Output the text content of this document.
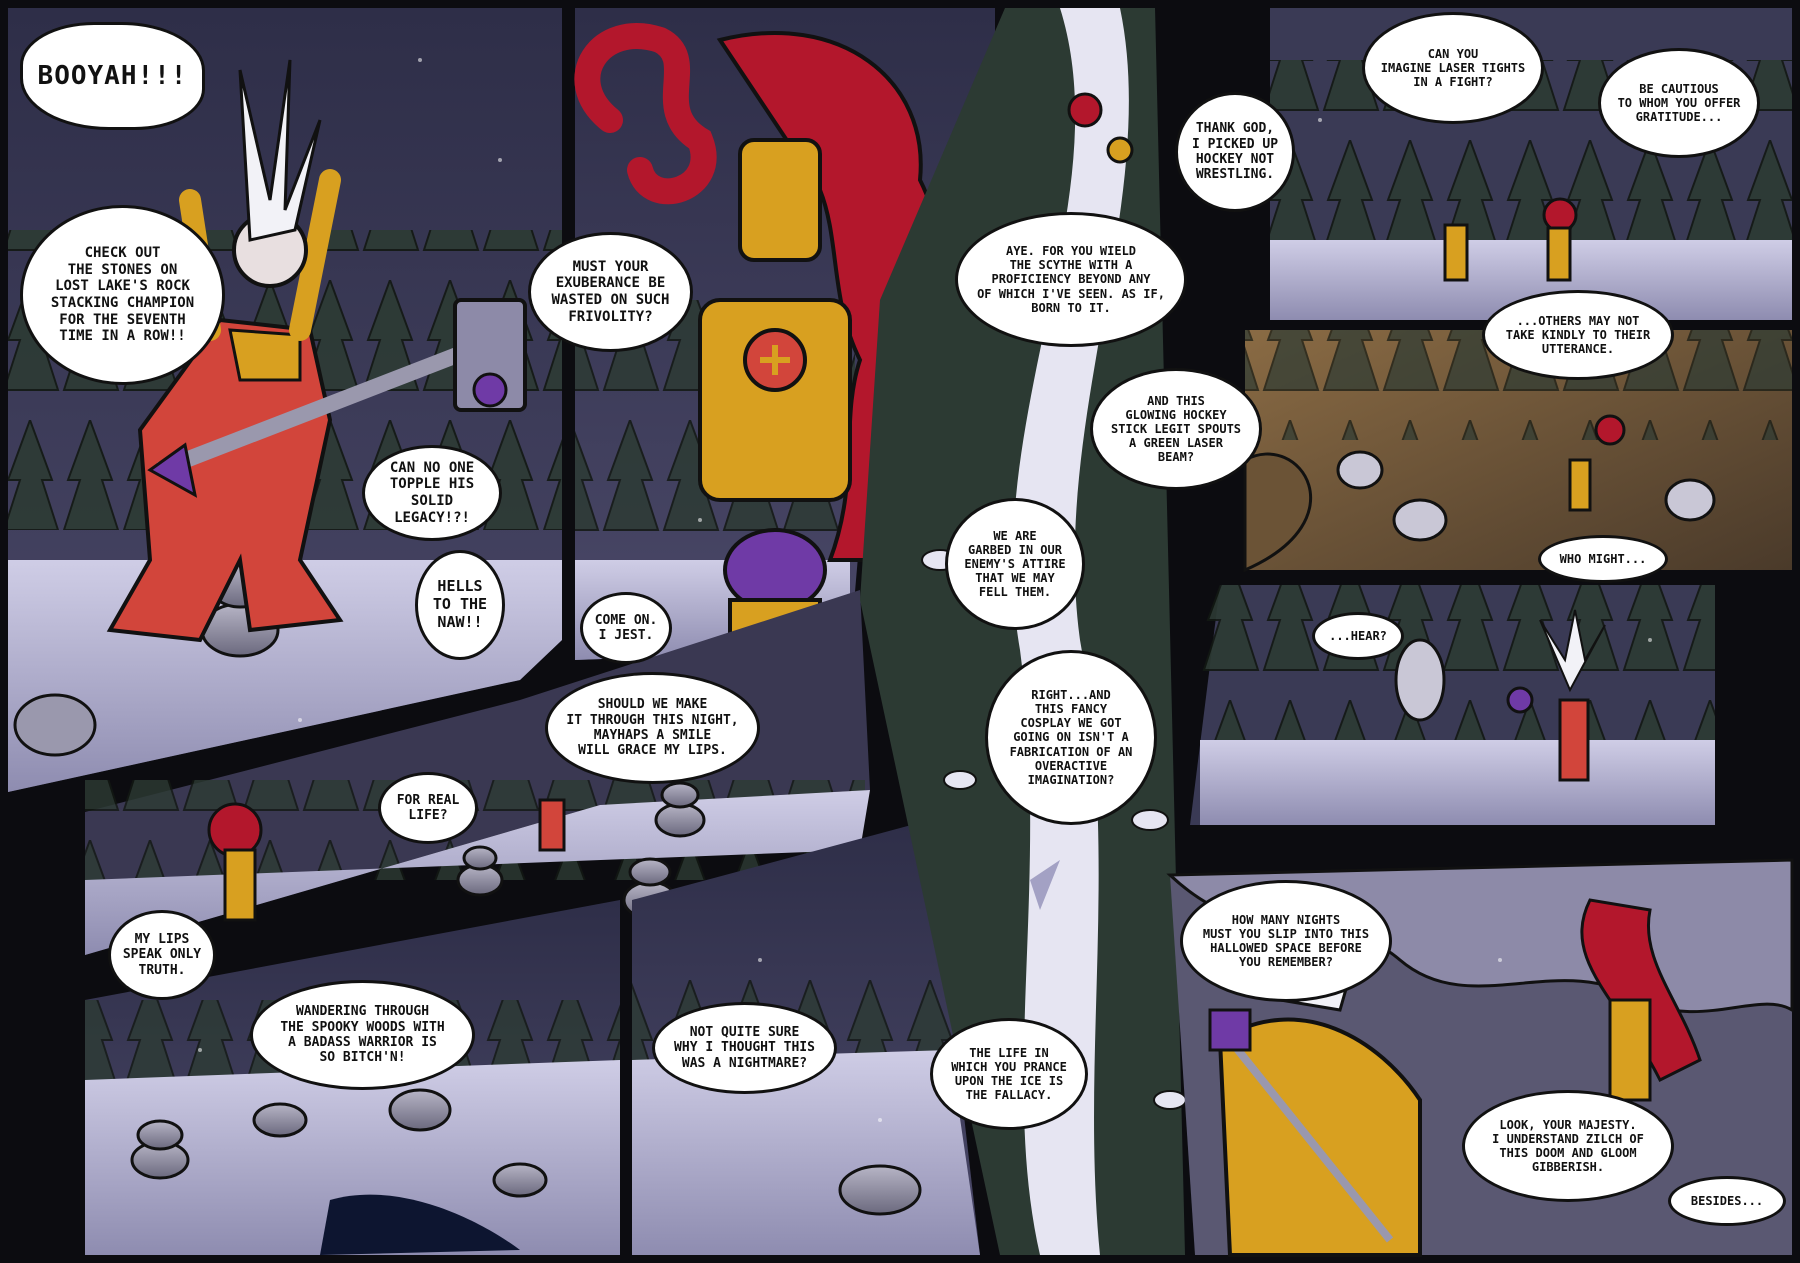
BOOYAH!!!
CHECK OUT
THE STONES ON
LOST LAKE'S ROCK
STACKING CHAMPION
FOR THE SEVENTH
TIME IN A ROW!!
CAN NO ONE
TOPPLE HIS SOLID
LEGACY!?!
HELLS
TO THE
NAW!!
MUST YOUR
EXUBERANCE BE
WASTED ON SUCH
FRIVOLITY?
COME ON.
I JEST.
SHOULD WE MAKE
IT THROUGH THIS NIGHT,
MAYHAPS A SMILE
WILL GRACE MY LIPS.
FOR REAL
LIFE?
MY LIPS
SPEAK ONLY
TRUTH.
WANDERING THROUGH
THE SPOOKY WOODS WITH
A BADASS WARRIOR IS
SO BITCH'N!
NOT QUITE SURE
WHY I THOUGHT THIS
WAS A NIGHTMARE?
THANK GOD,
I PICKED UP
HOCKEY NOT
WRESTLING.
AYE. FOR YOU WIELD
THE SCYTHE WITH A
PROFICIENCY BEYOND ANY
OF WHICH I'VE SEEN. AS IF,
BORN TO IT.
AND THIS
GLOWING HOCKEY
STICK LEGIT SPOUTS
A GREEN LASER
BEAM?
WE ARE
GARBED IN OUR
ENEMY'S ATTIRE
THAT WE MAY
FELL THEM.
RIGHT...AND
THIS FANCY
COSPLAY WE GOT
GOING ON ISN'T A
FABRICATION OF AN
OVERACTIVE
IMAGINATION?
THE LIFE IN
WHICH YOU PRANCE
UPON THE ICE IS
THE FALLACY.
CAN YOU
IMAGINE LASER TIGHTS
IN A FIGHT?	BE CAUTIOUS
TO WHOM YOU OFFER
GRATITUDE...
...OTHERS MAY NOT
TAKE KINDLY TO THEIR
UTTERANCE.
WHO MIGHT...
...HEAR?
HOW MANY NIGHTS
MUST YOU SLIP INTO THIS
HALLOWED SPACE BEFORE
YOU REMEMBER?
LOOK, YOUR MAJESTY.
I UNDERSTAND ZILCH OF
THIS DOOM AND GLOOM
GIBBERISH.
BESIDES...
